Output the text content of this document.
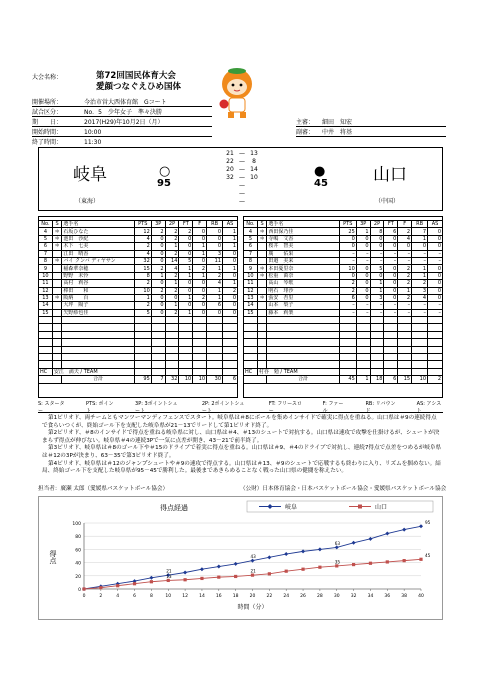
大会名称：	第72回国民体育大会
愛顔つなぐえひめ国体
開催場所：	今治市営大西体育館　Gコート
試合区分：	No．5　少年女子　準々決勝
期　　日：	2017(H29)年10月2日（月）
開始時間：	10:00
終了時間：	11:30
主審： 細田　知宏
副審： 中井　将基
岐阜
（東海）
○
95
●
45	山口
（中国）
21 — 13
22 —	8
20 — 14
32 — 10
—
—
—
No.	S	選手名	PTS	3P	2P	FT	F	RB	AS
4	＊	石坂ひなた	12	2	2	2	0	0	1
5	＊	池田　沙紀	4	0	2	0	0	0	1
6	＊	木下　七美	2	0	1	0	1	0	1
7		江田　晴香	4	0	2	0	1	3	0
8	＊	バイ クンバ ディヤサン	32	0	14	5	0	11	0
9		稲森華奈穂	15	2	4	1	2	1	1
10		野野　未怜	8	1	2	1	1	2	0
11		高村　莉谷	2	0	1	0	0	4	1
12		棒田　　和	10	2	2	0	0	1	2
13	＊	阪納　　百	1	0	0	1	2	1	0
14		大坪　陽子	2	0	1	0	0	6	0
15		矢野紗也佳	5	0	2	1	0	0	0

HC	安江　満夫 / TEAM								
		合計	95	7	32	10	10	30	6
No.	S	選手名	PTS	3P	2P	FT	F	RB	AS
4	＊	西田保乃佳	25	1	8	6	2	7	0
5	＊	寺嶋　文香	0	0	0	0	4	1	0
6		桜井　智美	0	0	0	0	0	0	0
7		廣　　佑果	–	–	–	–	–	–	–
8		田邉　美来	–	–	–	–	–	–	–
9	＊	本田憂里奈	10	0	5	0	2	1	0
10	＊	松重　萬奈	0	0	0	0	2	1	0
11		高山　琴歌	2	0	1	0	2	2	0
12		明石　琲沙	2	0	1	0	1	3	0
13	＊	張安　杏里	6	0	3	0	2	4	0
14		山本　梨子	–	–	–	–	–	–	–
15		藤本　莉楽	–	–	–	–	–	–	–

HC	村谷　勉 / TEAM								
		合計	45	1	18	6	15	10	2
S: スターター
PTS: ポイント
3P: 3ポイントシュート
2P: 2ポイントシュート
FT: フリースロー
F: ファール
RB: リバウンド
AS: アシスト
第1ピリオド、両チームともマンツーマンディフェンスでスタート。岐阜県は＃8にボールを集めインサイドで確実に得点を重ねる。山口県は＃9の連続得点で食らいつくが、終始ゴール下を支配した岐阜県が21－13でリードして第1ピリオド終了。
第2ピリオド、＃8のインサイドで得点を重ねる岐阜県に対し、山口県は＃4、＃13のシュートで対抗する。山口県は速攻で攻撃を仕掛けるが、シュートが決まらず得点が伸びない。岐阜県＃4の連続3Pで一気に点差が開き、43－21で前半終了。
第3ピリオド、岐阜県は＃8のゴール下や＃15のドライブで着実に得点を重ねる。山口県は＃9、＃4のドライブで対抗し、連続7得点で点差をつめるが岐阜県は＃12の3Pが決まり、63－35で第3ピリオド終了。
第4ピリオド、岐阜県は＃12のジャンプシュートや＃9の速攻で得点する。山口県は＃13、＃9のシュートで応戦するも終わりに入り、リズムを掴めない。結局、終始ゴール下を支配した岐阜県が95－45で勝利した。最後まであきらめることなく戦った山口県の健闘を称えたい。
担当者：廣瀬 太郎（愛媛県バスケットボール協会）	（公財）日本体育協会・日本バスケットボール協会・愛媛県バスケットボール協会
得点経過
0
20
40
60
80
100
0	2	4	6	8	10 12 14 16 18 20 22 24 26 28 30 32 34 36 38 40
時間（分）
得点
岐阜	山口
21
43
63
95
13
21
35
45
